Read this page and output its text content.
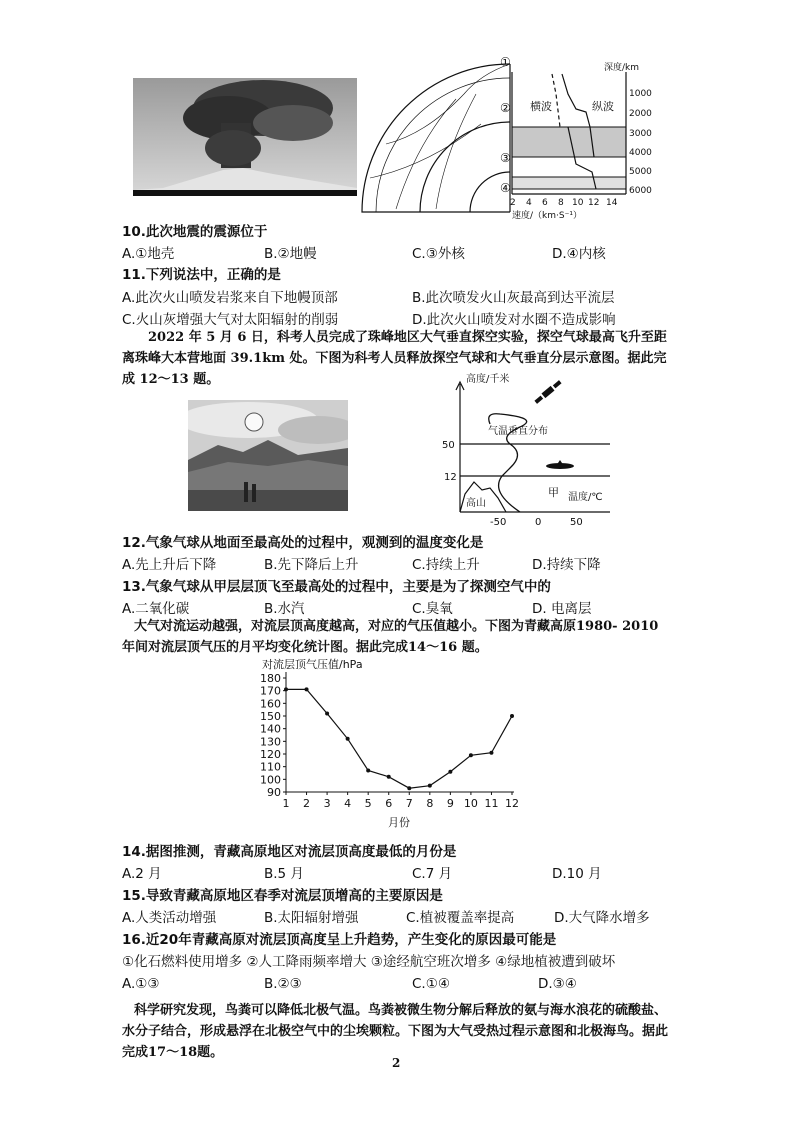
1000
2000
3000
4000
5000
6000
深度/km
横波	纵波
2 4 6 8 10 12 14
速度/（km·S⁻¹）
①
②
③
④
10.此次地震的震源位于
A.①地壳	B.②地幔	C.③外核	D.④内核
11.下列说法中，正确的是
A.此次火山喷发岩浆来自下地幔顶部	B.此次喷发火山灰最高到达平流层
C.火山灰增强大气对太阳辐射的削弱	D.此次火山喷发对水圈不造成影响
2022 年 5 月 6 日，科考人员完成了珠峰地区大气垂直探空实验，探空气球最高飞升至距离珠峰大本营地面 39.1km 处。下图为科考人员释放探空气球和大气垂直分层示意图。据此完成 12～13 题。	高度/千米
气温垂直分布
50
12
高山
甲 温度/℃
-50	0	50
12.气象气球从地面至最高处的过程中，观测到的温度变化是
A.先上升后下降	B.先下降后上升	C.持续上升	D.持续下降
13.气象气球从甲层层顶飞至最高处的过程中，主要是为了探测空气中的
A.二氧化碳	B.水汽	C.臭氧	D. 电离层
大气对流运动越强，对流层顶高度越高，对应的气压值越小。下图为青藏高原1980- 2010 年间对流层顶气压的月平均变化统计图。据此完成14～16 题。
对流层顶气压值/hPa
90
100
110
120
130
140
150
160
170
180
1 2 3 4 5 6 7 8 9 10 11 12
月份
14.据图推测，青藏高原地区对流层顶高度最低的月份是
A.2 月	B.5 月	C.7 月	D.10 月
15.导致青藏高原地区春季对流层顶增高的主要原因是
A.人类活动增强	B.太阳辐射增强	C.植被覆盖率提高	D.大气降水增多
16.近20年青藏高原对流层顶高度呈上升趋势，产生变化的原因最可能是
①化石燃料使用增多 ②人工降雨频率增大 ③途经航空班次增多 ④绿地植被遭到破坏
A.①③	B.②③	C.①④	D.③④
科学研究发现，鸟粪可以降低北极气温。鸟粪被微生物分解后释放的氨与海水浪花的硫酸盐、水分子结合，形成悬浮在北极空气中的尘埃颗粒。下图为大气受热过程示意图和北极海鸟。据此完成17～18题。
2
